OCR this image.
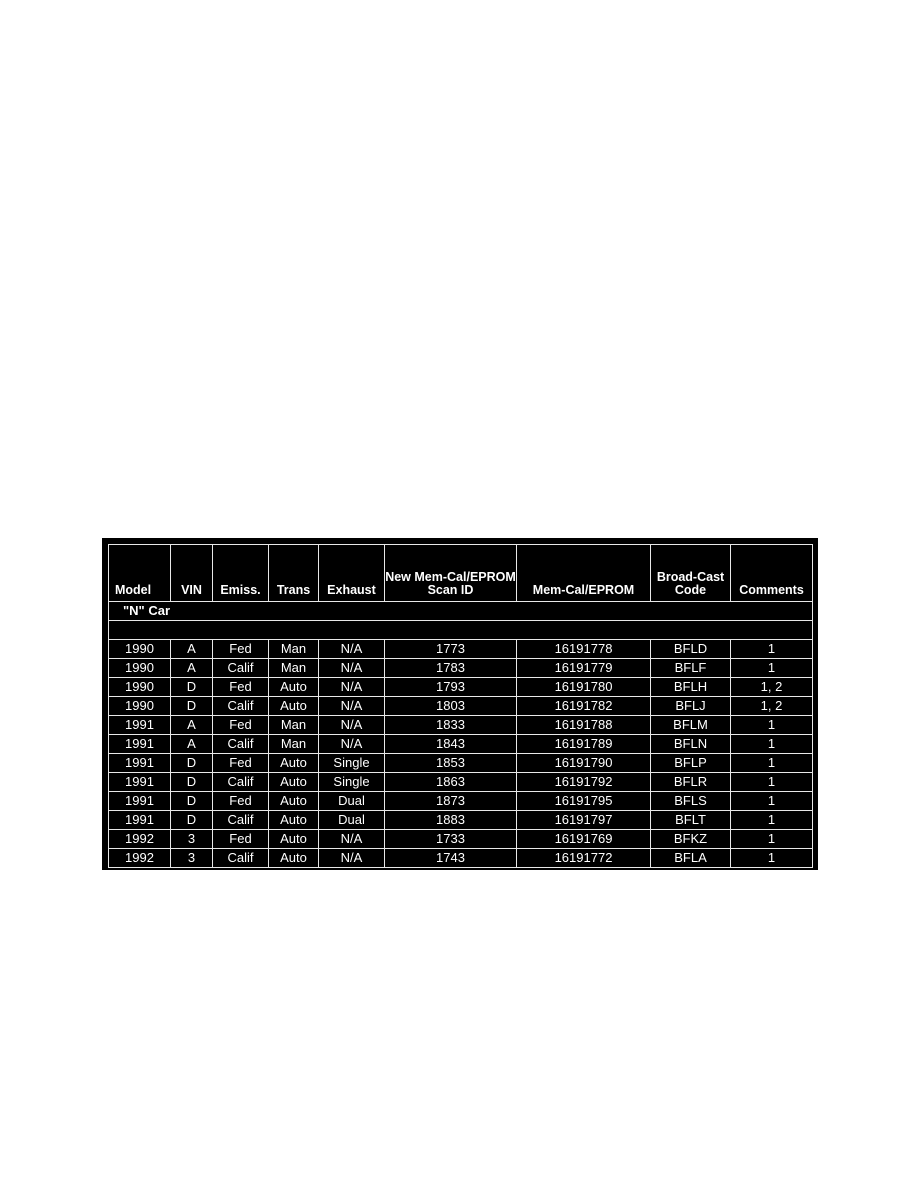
Model	VIN	Emiss.	Trans	Exhaust	New Mem-Cal/EPROM Scan ID	Mem-Cal/EPROM	Broad-Cast Code	Comments
"N" Car								

1990	A	Fed	Man	N/A	1773	16191778	BFLD	1
1990	A	Calif	Man	N/A	1783	16191779	BFLF	1
1990	D	Fed	Auto	N/A	1793	16191780	BFLH	1, 2
1990	D	Calif	Auto	N/A	1803	16191782	BFLJ	1, 2
1991	A	Fed	Man	N/A	1833	16191788	BFLM	1
1991	A	Calif	Man	N/A	1843	16191789	BFLN	1
1991	D	Fed	Auto	Single	1853	16191790	BFLP	1
1991	D	Calif	Auto	Single	1863	16191792	BFLR	1
1991	D	Fed	Auto	Dual	1873	16191795	BFLS	1
1991	D	Calif	Auto	Dual	1883	16191797	BFLT	1
1992	3	Fed	Auto	N/A	1733	16191769	BFKZ	1
1992	3	Calif	Auto	N/A	1743	16191772	BFLA	1
